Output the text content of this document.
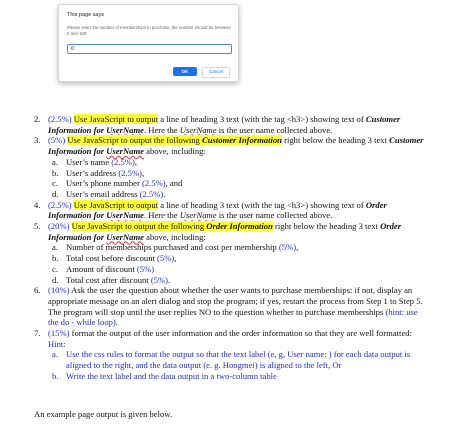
This page says
Please enter the number of memberships to purchase, the number should be between 0 and 100:
0
OK	Cancel
2. (2.5%) Use JavaScript to output a line of heading 3 text (with the tag <h3>) showing text of Customer Information for UserName. Here the UserName is the user name collected above.
3. (5%) Use JavaScript to output the following Customer Information right below the heading 3 text Customer Information for UserName above, including:
a. User’s name (2.5%),
b. User’s address (2.5%),
c. User’s phone number (2.5%), and
d. User’s email address (2.5%).
4. (2.5%) Use JavaScript to output a line of heading 3 text (with the tag <h3>) showing text of Order Information for UserName. Here the UserName is the user name collected above.
5. (20%) Use JavaScript to output the following Order Information right below the heading 3 text Order Information for UserName above, including:
a. Number of memberships purchased and cost per membership (5%),
b. Total cost before discount (5%),
c. Amount of discount (5%)
d. Total cost after discount (5%).
6. (10%) Ask the user the question about whether the user wants to purchase memberships: if not, display an appropriate message on an alert dialog and stop the program; if yes, restart the process from Step 1 to Step 5. The program will stop until the user replies NO to the question whether to purchase memberships (hint: use the do - while loop).
7. (15%) format the output of the user information and the order information so that they are well formatted: Hint:
a. Use the css rules to format the output so that the text label (e, g, User name: ) for each data output is aligned to the right, and the data output (e. g. Hongmei) is aligned to the left, Or
b. Write the text label and the data output in a two-column table
An example page output is given below.
